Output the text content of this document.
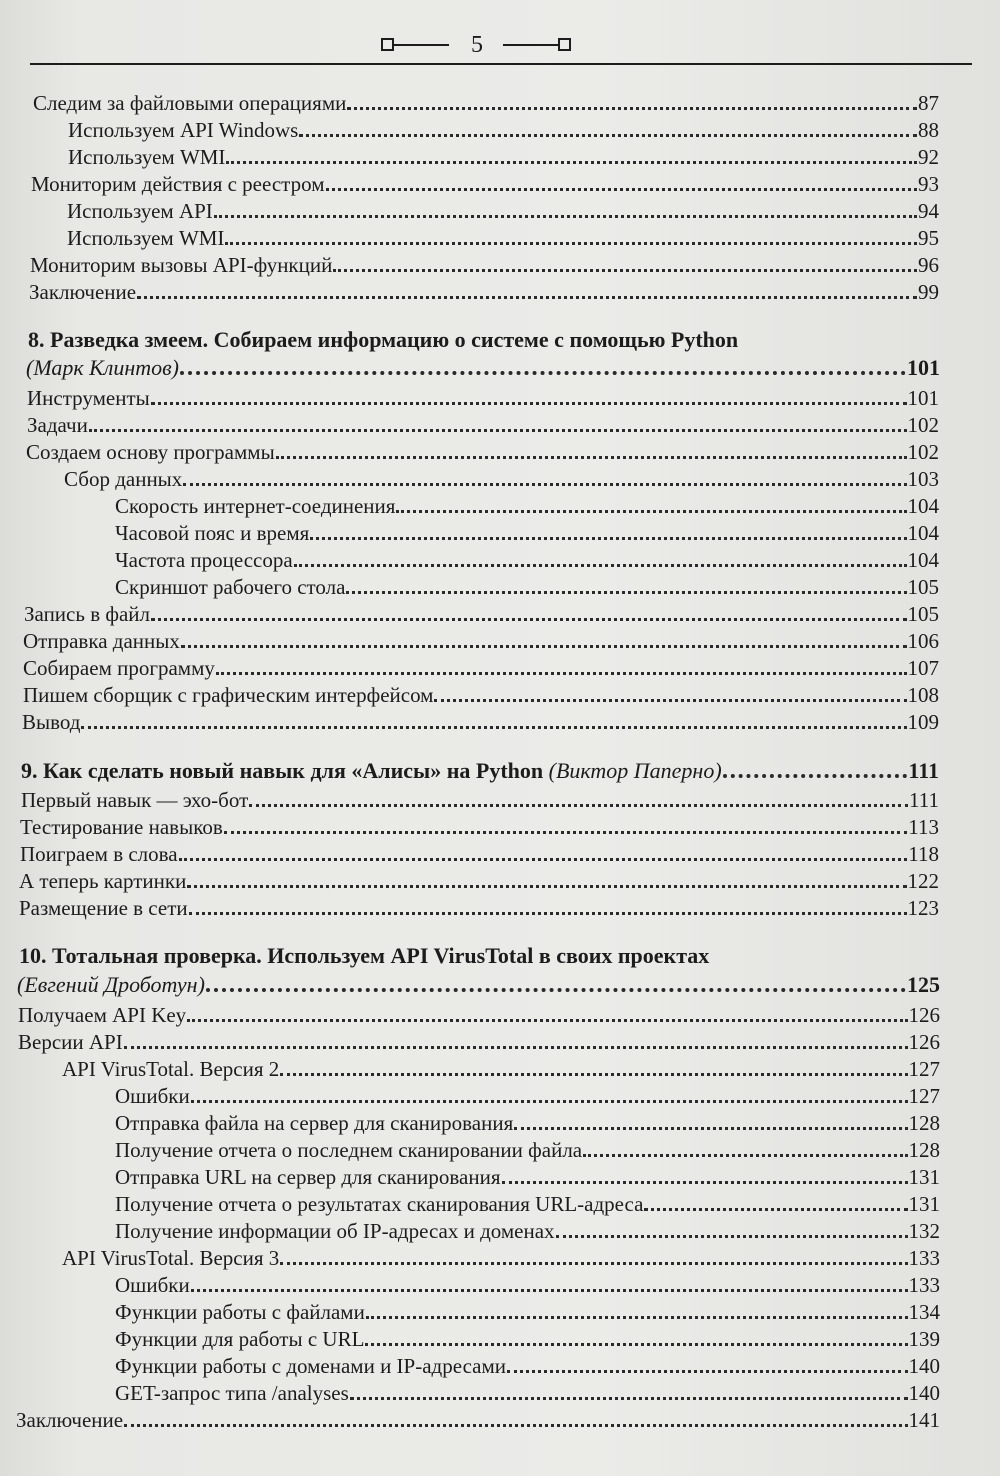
5
Следим за файловыми операциями	87
Используем API Windows	88
Используем WMI	92
Мониторим действия с реестром	93
Используем API	94
Используем WMI	95
Мониторим вызовы API-функций	96
Заключение	99
8. Разведка змеем. Собираем информацию о системе с помощью Python
(Марк Клинтов)	101
Инструменты	101
Задачи	102
Создаем основу программы	102
Сбор данных	103
Скорость интернет-соединения	104
Часовой пояс и время	104
Частота процессора	104
Скриншот рабочего стола	105
Запись в файл	105
Отправка данных	106
Собираем программу	107
Пишем сборщик с графическим интерфейсом	108
Вывод	109
9. Как сделать новый навык для «Алисы» на Python (Виктор Паперно)	111
Первый навык — эхо-бот	111
Тестирование навыков	113
Поиграем в слова	118
А теперь картинки	122
Размещение в сети	123
10. Тотальная проверка. Используем API VirusTotal в своих проектах
(Евгений Дроботун)	125
Получаем API Key	126
Версии API	126
API VirusTotal. Версия 2	127
Ошибки	127
Отправка файла на сервер для сканирования	128
Получение отчета о последнем сканировании файла	128
Отправка URL на сервер для сканирования	131
Получение отчета о результатах сканирования URL-адреса	131
Получение информации об IP-адресах и доменах	132
API VirusTotal. Версия 3	133
Ошибки	133
Функции работы с файлами	134
Функции для работы с URL	139
Функции работы с доменами и IP-адресами	140
GET-запрос типа /analyses	140
Заключение	141
